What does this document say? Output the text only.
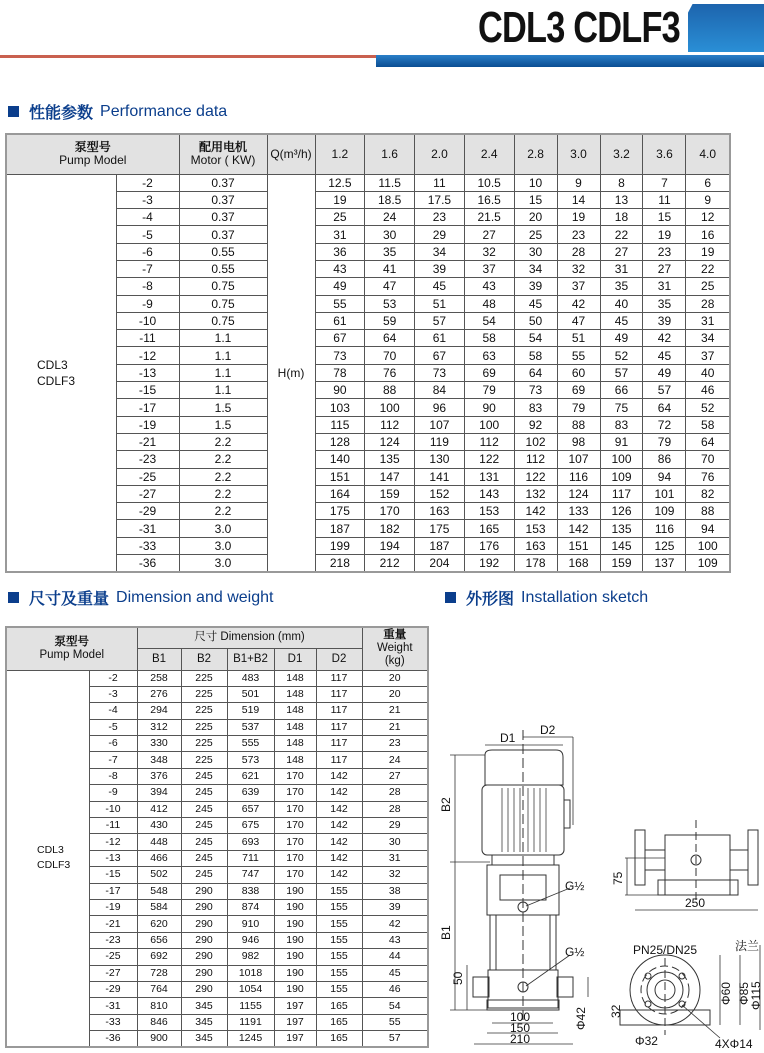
CDL3 CDLF3
性能参数 Performance data
泵型号
Pump Model

配用电机
Motor ( KW)	Q(m³/h)	1.2	1.6	2.0	2.4	2.8	3.0	3.2	3.6	4.0

CDL3
CDLF3	-2	0.37	H(m)	12.5	11.5	11	10.5	10	9	8	7	6
	-3	0.37		19	18.5	17.5	16.5	15	14	13	11	9
	-4	0.37		25	24	23	21.5	20	19	18	15	12
	-5	0.37		31	30	29	27	25	23	22	19	16
	-6	0.55		36	35	34	32	30	28	27	23	19
	-7	0.55		43	41	39	37	34	32	31	27	22
	-8	0.75		49	47	45	43	39	37	35	31	25
	-9	0.75		55	53	51	48	45	42	40	35	28
	-10	0.75		61	59	57	54	50	47	45	39	31
	-11	1.1		67	64	61	58	54	51	49	42	34
	-12	1.1		73	70	67	63	58	55	52	45	37
	-13	1.1		78	76	73	69	64	60	57	49	40
	-15	1.1		90	88	84	79	73	69	66	57	46
	-17	1.5		103	100	96	90	83	79	75	64	52
	-19	1.5		115	112	107	100	92	88	83	72	58
	-21	2.2		128	124	119	112	102	98	91	79	64
	-23	2.2		140	135	130	122	112	107	100	86	70
	-25	2.2		151	147	141	131	122	116	109	94	76
	-27	2.2		164	159	152	143	132	124	117	101	82
	-29	2.2		175	170	163	153	142	133	126	109	88
	-31	3.0		187	182	175	165	153	142	135	116	94
	-33	3.0		199	194	187	176	163	151	145	125	100
	-36	3.0		218	212	204	192	178	168	159	137	109
尺寸及重量 Dimension and weight	外形图 Installation sketch
泵型号
Pump Model
	尺寸 Dimension (mm)	重量
Weight
(kg)

		B1	B2	B1+B2	D1	D2	

CDL3
CDLF3	-2	258	225	483	148	117	20
	-3	276	225	501	148	117	20
	-4	294	225	519	148	117	21
	-5	312	225	537	148	117	21
	-6	330	225	555	148	117	23
	-7	348	225	573	148	117	24
	-8	376	245	621	170	142	27
	-9	394	245	639	170	142	28
	-10	412	245	657	170	142	28
	-11	430	245	675	170	142	29
	-12	448	245	693	170	142	30
	-13	466	245	711	170	142	31
	-15	502	245	747	170	142	32
	-17	548	290	838	190	155	38
	-19	584	290	874	190	155	39
	-21	620	290	910	190	155	42
	-23	656	290	946	190	155	43
	-25	692	290	982	190	155	44
	-27	728	290	1018	190	155	45
	-29	764	290	1054	190	155	46
	-31	810	345	1155	197	165	54
	-33	846	345	1191	197	165	55
	-36	900	345	1245	197	165	57
D1
D2
B2
B1
G½
G½
50
100
150
210
Φ42
75
250
PN25/DN25	法兰
Φ60 Φ85
Φ115
32
Φ32	4XΦ14
